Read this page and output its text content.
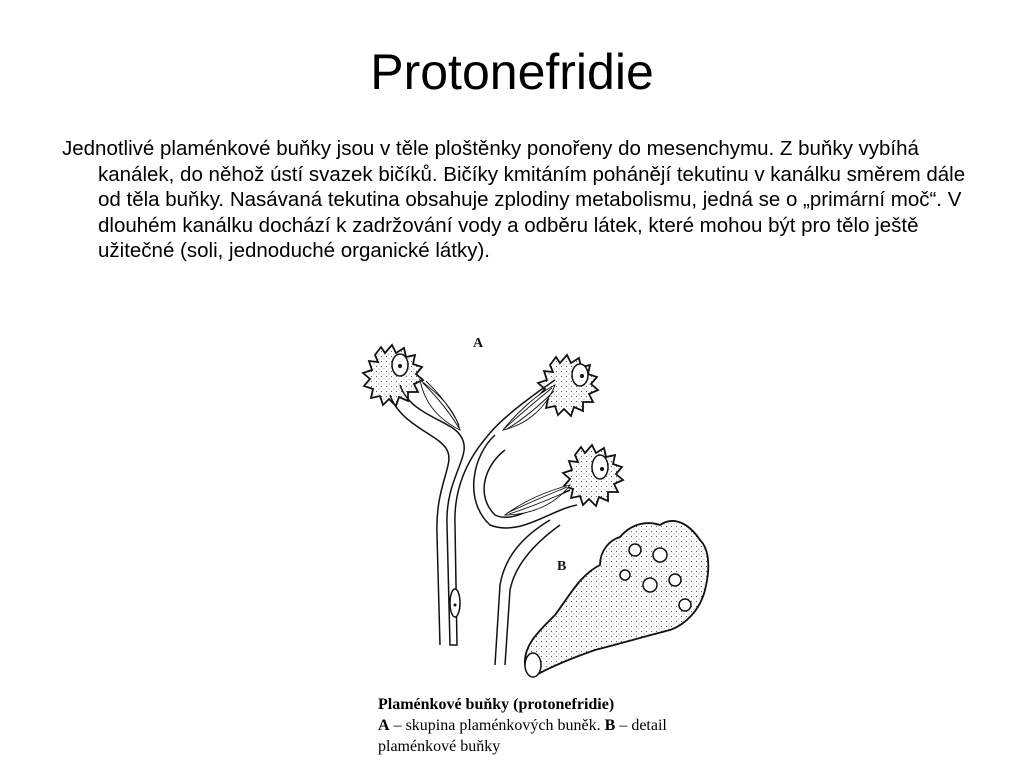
Protonefridie

Jednotlivé plaménkové buňky jsou v těle ploštěnky ponořeny do mesenchymu. Z buňky vybíhá kanálek, do něhož ústí svazek bičíků. Bičíky kmitáním pohánějí tekutinu v kanálku směrem dále od těla buňky. Nasávaná tekutina obsahuje zplodiny metabolismu, jedná se o „primární moč“. V dlouhém kanálku dochází k zadržování vody a odběru látek, které mohou být pro tělo ještě užitečné (soli, jednoduché organické látky).

A
B
Plaménkové buňky (protonefridie)
A – skupina plaménkových buněk. B – detail plaménkové buňky
